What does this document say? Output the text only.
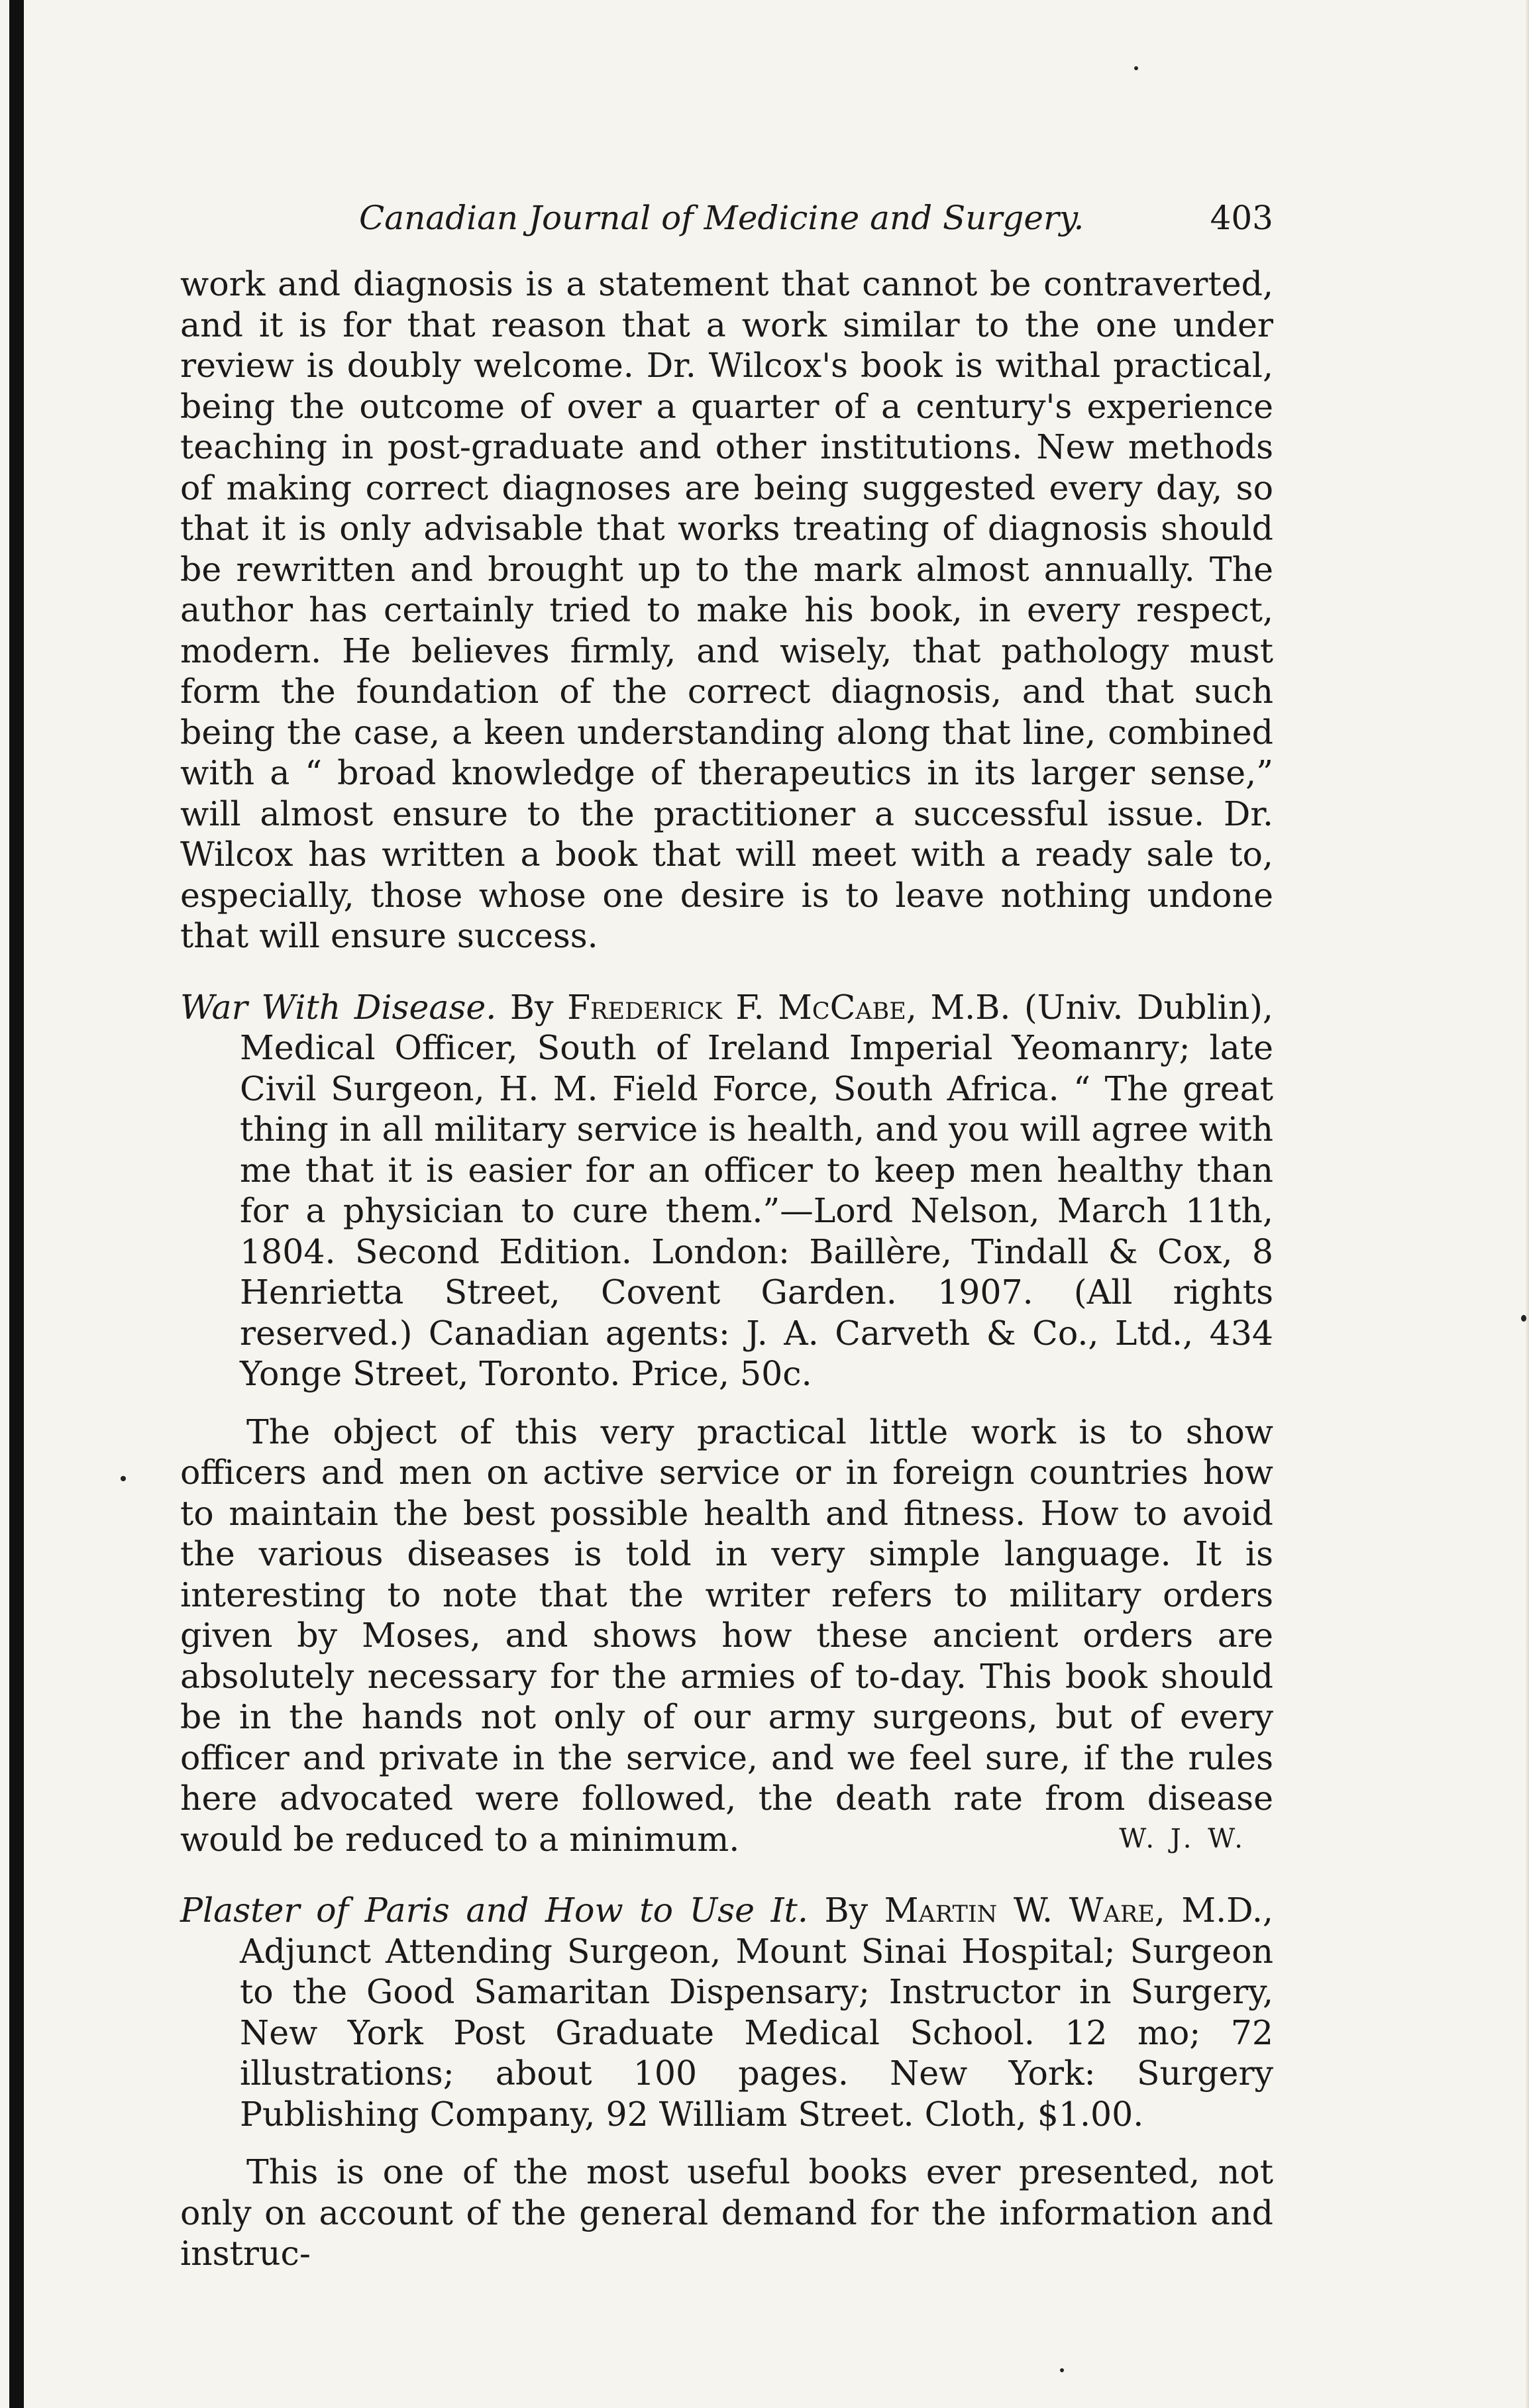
Canadian Journal of Medicine and Surgery.	403

work and diagnosis is a statement that cannot be contraverted, and it is for that reason that a work similar to the one under review is doubly welcome. Dr. Wilcox's book is withal practical, being the outcome of over a quarter of a century's experience teaching in post-graduate and other institutions. New methods of making correct diagnoses are being suggested every day, so that it is only advisable that works treating of diagnosis should be rewritten and brought up to the mark almost annually. The author has certainly tried to make his book, in every respect, modern. He believes firmly, and wisely, that pathology must form the foundation of the correct diagnosis, and that such being the case, a keen understanding along that line, combined with a “ broad knowledge of therapeutics in its larger sense,” will almost ensure to the practitioner a successful issue. Dr. Wilcox has written a book that will meet with a ready sale to, especially, those whose one desire is to leave nothing undone that will ensure success.

War With Disease. By Frederick F. McCabe, M.B. (Univ. Dublin), Medical Officer, South of Ireland Imperial Yeomanry; late Civil Surgeon, H. M. Field Force, South Africa. “ The great thing in all military service is health, and you will agree with me that it is easier for an officer to keep men healthy than for a physician to cure them.”—Lord Nelson, March 11th, 1804. Second Edition. London: Baillère, Tindall & Cox, 8 Henrietta Street, Covent Garden. 1907. (All rights reserved.) Canadian agents: J. A. Carveth & Co., Ltd., 434 Yonge Street, Toronto. Price, 50c.

The object of this very practical little work is to show officers and men on active service or in foreign countries how to maintain the best possible health and fitness. How to avoid the various diseases is told in very simple language. It is interesting to note that the writer refers to military orders given by Moses, and shows how these ancient orders are absolutely necessary for the armies of to-day. This book should be in the hands not only of our army surgeons, but of every officer and private in the service, and we feel sure, if the rules here advocated were followed, the death rate from disease would be reduced to a minimum.	W. J. W.

Plaster of Paris and How to Use It. By Martin W. Ware, M.D., Adjunct Attending Surgeon, Mount Sinai Hospital; Surgeon to the Good Samaritan Dispensary; Instructor in Surgery, New York Post Graduate Medical School. 12 mo; 72 illustrations; about 100 pages. New York: Surgery Publishing Company, 92 William Street. Cloth, $1.00.

This is one of the most useful books ever presented, not only on account of the general demand for the information and instruc-
